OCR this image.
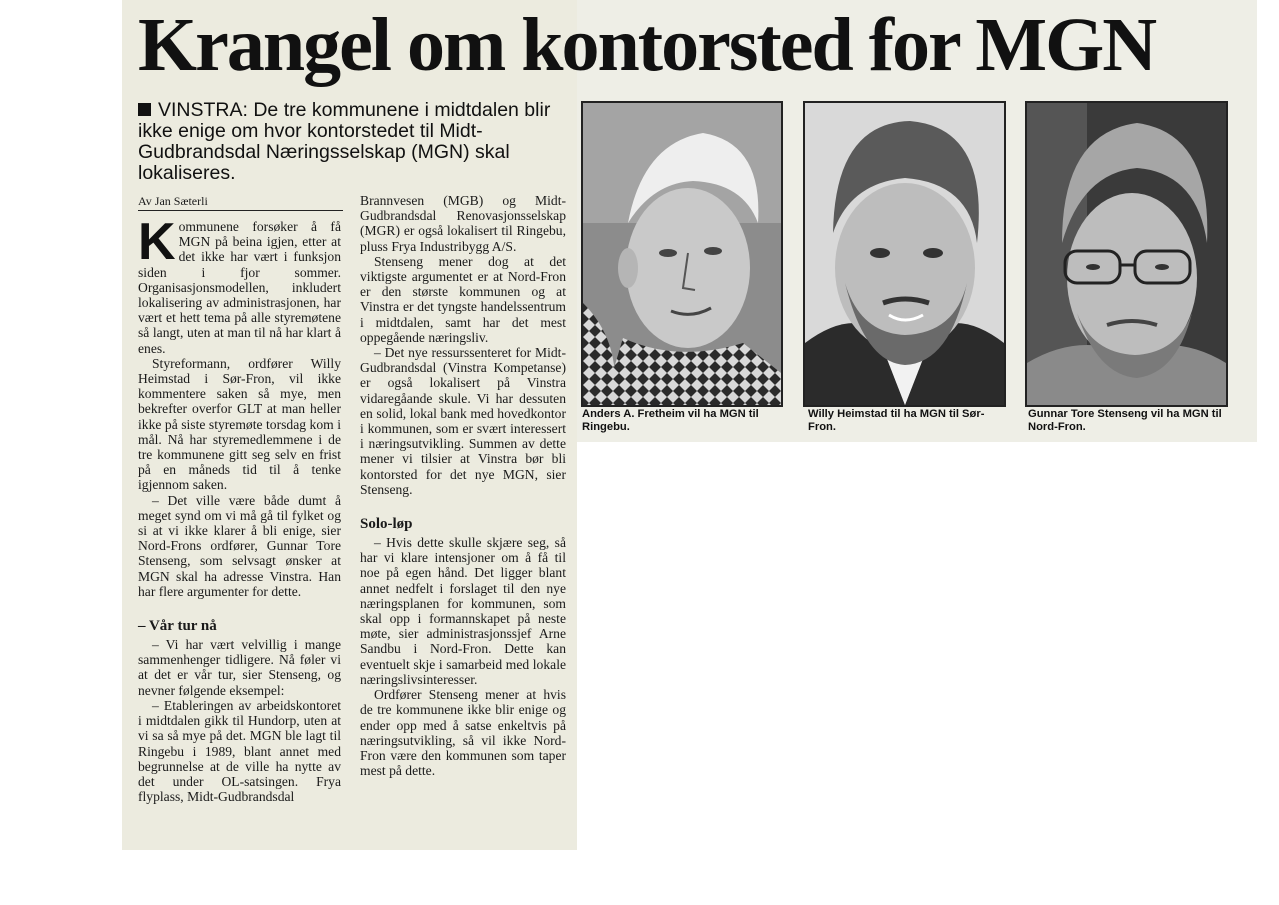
Krangel om kontorsted for MGN
VINSTRA: De tre kommunene i midtdalen blir ikke enige om hvor kontorstedet til Midt-Gudbrandsdal Næringsselskap (MGN) skal lokaliseres.
Av Jan Sæterli

Kommunene forsøker å få MGN på beina igjen, etter at det ikke har vært i funksjon siden i fjor sommer. Organisasjonsmodellen, inkludert lokalisering av administrasjonen, har vært et hett tema på alle styremøtene så langt, uten at man til nå har klart å enes.

Styreformann, ordfører Willy Heimstad i Sør-Fron, vil ikke kommentere saken så mye, men bekrefter overfor GLT at man heller ikke på siste styremøte torsdag kom i mål. Nå har styremedlemmene i de tre kommunene gitt seg selv en frist på en måneds tid til å tenke igjennom saken.

– Det ville være både dumt å meget synd om vi må gå til fylket og si at vi ikke klarer å bli enige, sier Nord-Frons ordfører, Gunnar Tore Stenseng, som selvsagt ønsker at MGN skal ha adresse Vinstra. Han har flere argumenter for dette.

– Vår tur nå

– Vi har vært velvillig i mange sammenhenger tidligere. Nå føler vi at det er vår tur, sier Stenseng, og nevner følgende eksempel:

– Etableringen av arbeidskontoret i midtdalen gikk til Hundorp, uten at vi sa så mye på det. MGN ble lagt til Ringebu i 1989, blant annet med begrunnelse at de ville ha nytte av det under OL-satsingen. Frya flyplass, Midt-Gudbrandsdal

Brannvesen (MGB) og Midt-Gudbrandsdal Renovasjonsselskap (MGR) er også lokalisert til Ringebu, pluss Frya Industribygg A/S.

Stenseng mener dog at det viktigste argumentet er at Nord-Fron er den største kommunen og at Vinstra er det tyngste handelssentrum i midtdalen, samt har det mest oppegående næringsliv.

– Det nye ressurssenteret for Midt-Gudbrandsdal (Vinstra Kompetanse) er også lokalisert på Vinstra vidaregåande skule. Vi har dessuten en solid, lokal bank med hovedkontor i kommunen, som er svært interessert i næringsutvikling. Summen av dette mener vi tilsier at Vinstra bør bli kontorsted for det nye MGN, sier Stenseng.

Solo-løp

– Hvis dette skulle skjære seg, så har vi klare intensjoner om å få til noe på egen hånd. Det ligger blant annet nedfelt i forslaget til den nye næringsplanen for kommunen, som skal opp i formannskapet på neste møte, sier administrasjonssjef Arne Sandbu i Nord-Fron. Dette kan eventuelt skje i samarbeid med lokale næringslivsinteresser.

Ordfører Stenseng mener at hvis de tre kommunene ikke blir enige og ender opp med å satse enkeltvis på næringsutvikling, så vil ikke Nord-Fron være den kommunen som taper mest på dette.

Anders A. Fretheim vil ha MGN til Ringebu.
Willy Heimstad til ha MGN til Sør-Fron.
Gunnar Tore Stenseng vil ha MGN til Nord-Fron.
